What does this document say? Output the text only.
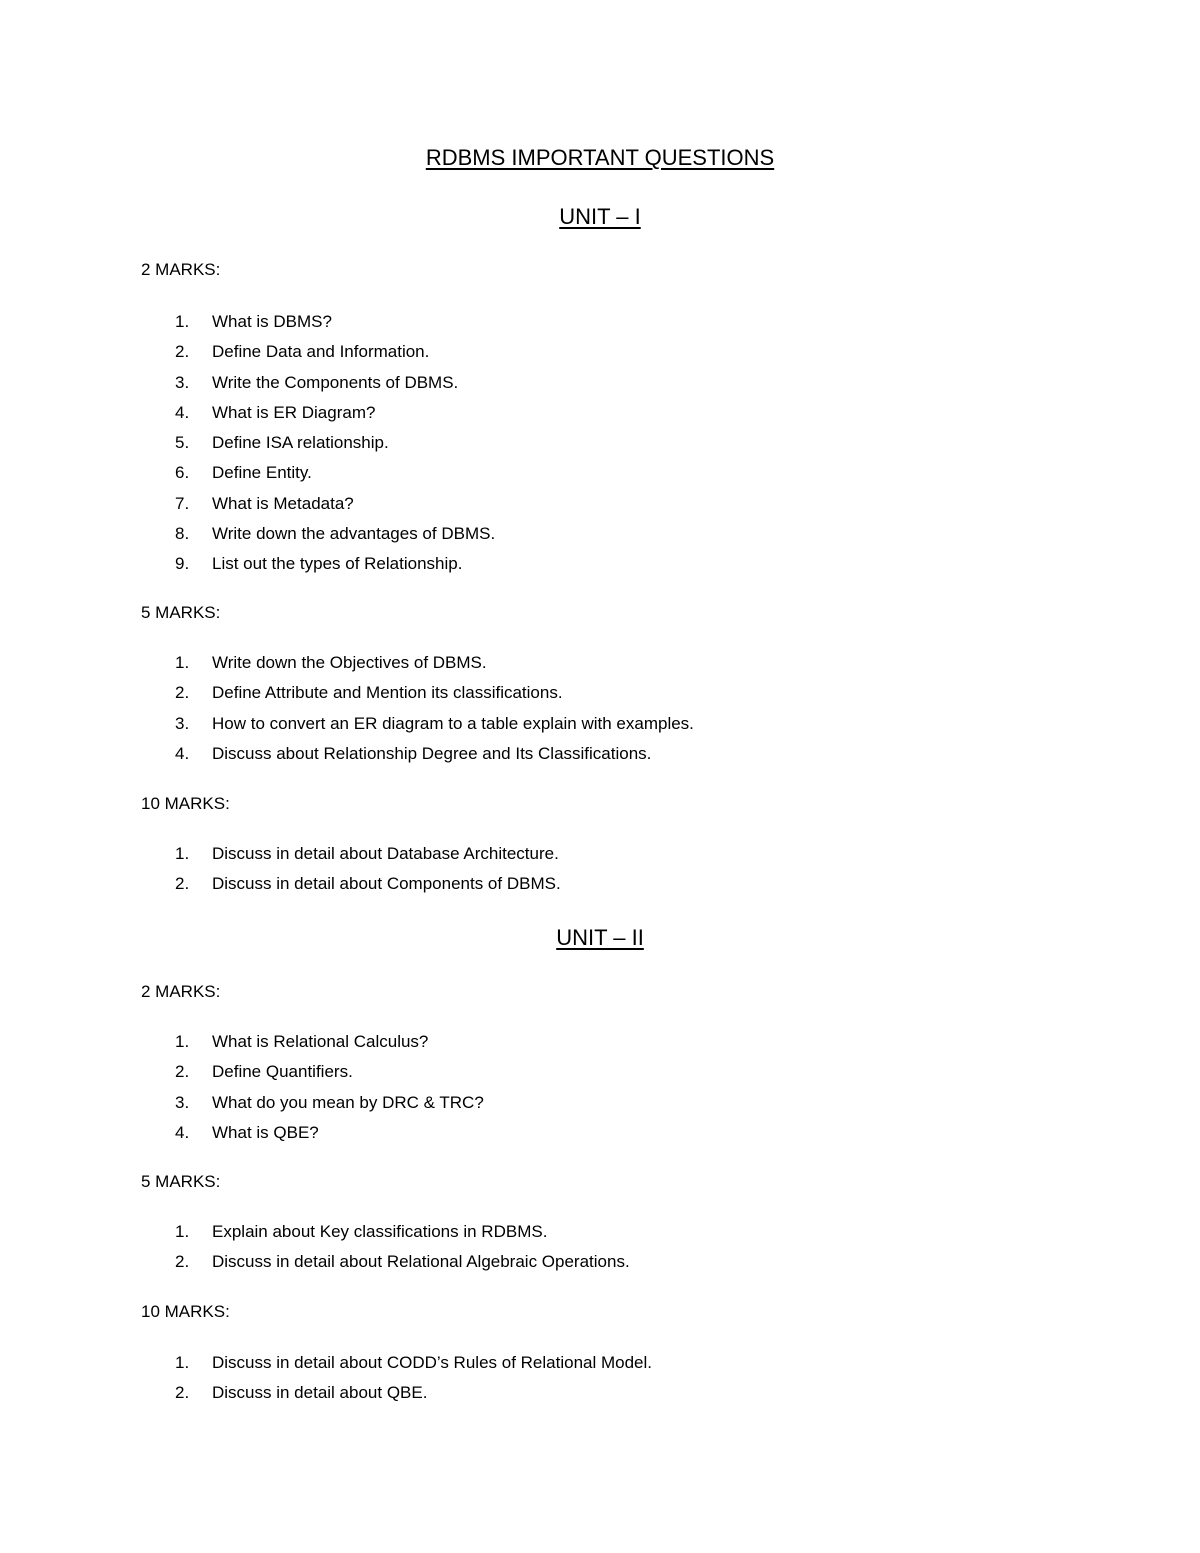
RDBMS IMPORTANT QUESTIONS
UNIT – I

2 MARKS:

1.	What is DBMS?
2.	Define Data and Information.
3.	Write the Components of DBMS.
4.	What is ER Diagram?
5.	Define ISA relationship.
6.	Define Entity.
7.	What is Metadata?
8.	Write down the advantages of DBMS.
9.	List out the types of Relationship.

5 MARKS:

1.	Write down the Objectives of DBMS.
2.	Define Attribute and Mention its classifications.
3.	How to convert an ER diagram to a table explain with examples.
4.	Discuss about Relationship Degree and Its Classifications.

10 MARKS:

1.	Discuss in detail about Database Architecture.
2.	Discuss in detail about Components of DBMS.
UNIT – II

2 MARKS:

1.	What is Relational Calculus?
2.	Define Quantifiers.
3.	What do you mean by DRC & TRC?
4.	What is QBE?

5 MARKS:

1.	Explain about Key classifications in RDBMS.
2.	Discuss in detail about Relational Algebraic Operations.

10 MARKS:

1.	Discuss in detail about CODD’s Rules of Relational Model.
2.	Discuss in detail about QBE.
